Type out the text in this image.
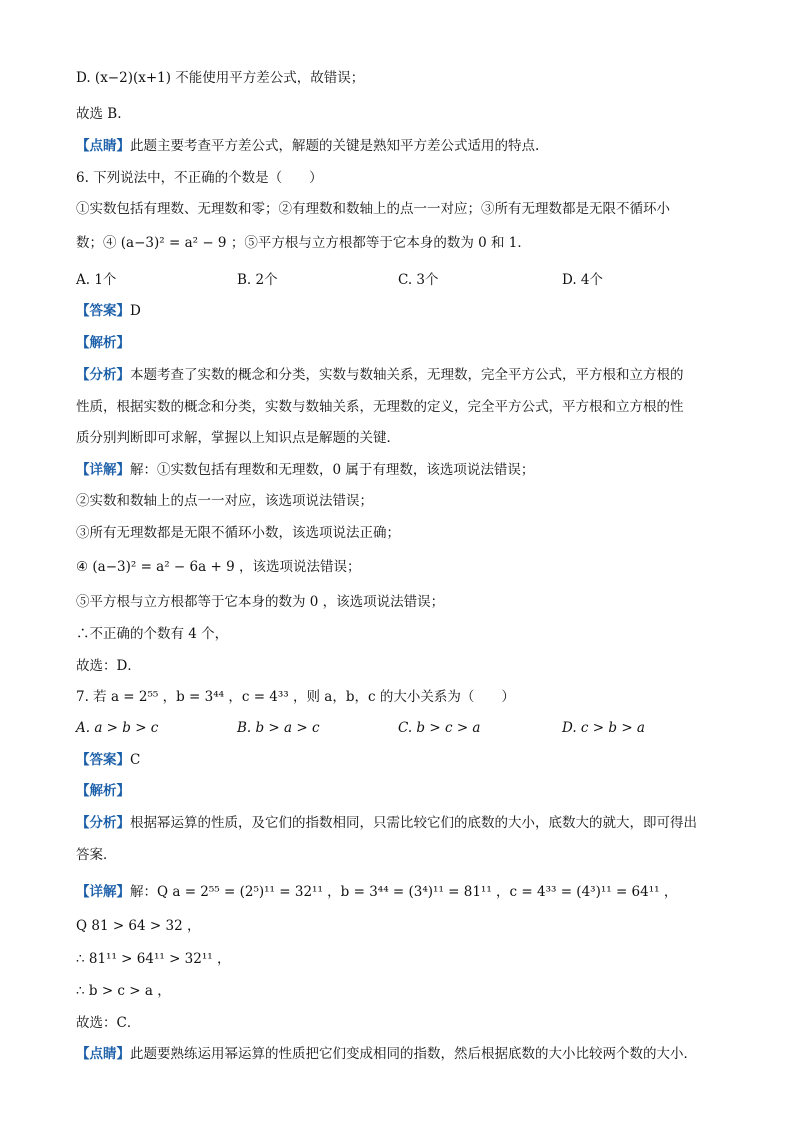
D. (x−2)(x+1) 不能使用平方差公式，故错误；
故选 B.
【点睛】此题主要考查平方差公式，解题的关键是熟知平方差公式适用的特点.
6. 下列说法中，不正确的个数是（　　）
①实数包括有理数、无理数和零；②有理数和数轴上的点一一对应；③所有无理数都是无限不循环小
数；④ (a−3)² = a² − 9 ；⑤平方根与立方根都等于它本身的数为 0 和 1．
A. 1个	B. 2个	C. 3个	D. 4个
【答案】D
【解析】
【分析】本题考查了实数的概念和分类，实数与数轴关系，无理数，完全平方公式，平方根和立方根的
性质，根据实数的概念和分类，实数与数轴关系，无理数的定义，完全平方公式，平方根和立方根的性
质分别判断即可求解，掌握以上知识点是解题的关键．
【详解】解：①实数包括有理数和无理数，0 属于有理数，该选项说法错误；
②实数和数轴上的点一一对应，该选项说法错误；
③所有无理数都是无限不循环小数，该选项说法正确；
④ (a−3)² = a² − 6a + 9 ，该选项说法错误；
⑤平方根与立方根都等于它本身的数为 0 ，该选项说法错误；
∴不正确的个数有 4 个，
故选：D．
7. 若 a = 2⁵⁵ ，b = 3⁴⁴ ，c = 4³³ ，则 a，b，c 的大小关系为（　　）
A. a > b > c	B. b > a > c	C. b > c > a	D. c > b > a
【答案】C
【解析】
【分析】根据幂运算的性质，及它们的指数相同，只需比较它们的底数的大小，底数大的就大，即可得出
答案．
【详解】解：Q a = 2⁵⁵ = (2⁵)¹¹ = 32¹¹ ，b = 3⁴⁴ = (3⁴)¹¹ = 81¹¹ ，c = 4³³ = (4³)¹¹ = 64¹¹ ，
Q 81 > 64 > 32 ，
∴ 81¹¹ > 64¹¹ > 32¹¹ ，
∴ b > c > a ，
故选：C．
【点睛】此题要熟练运用幂运算的性质把它们变成相同的指数，然后根据底数的大小比较两个数的大小．
